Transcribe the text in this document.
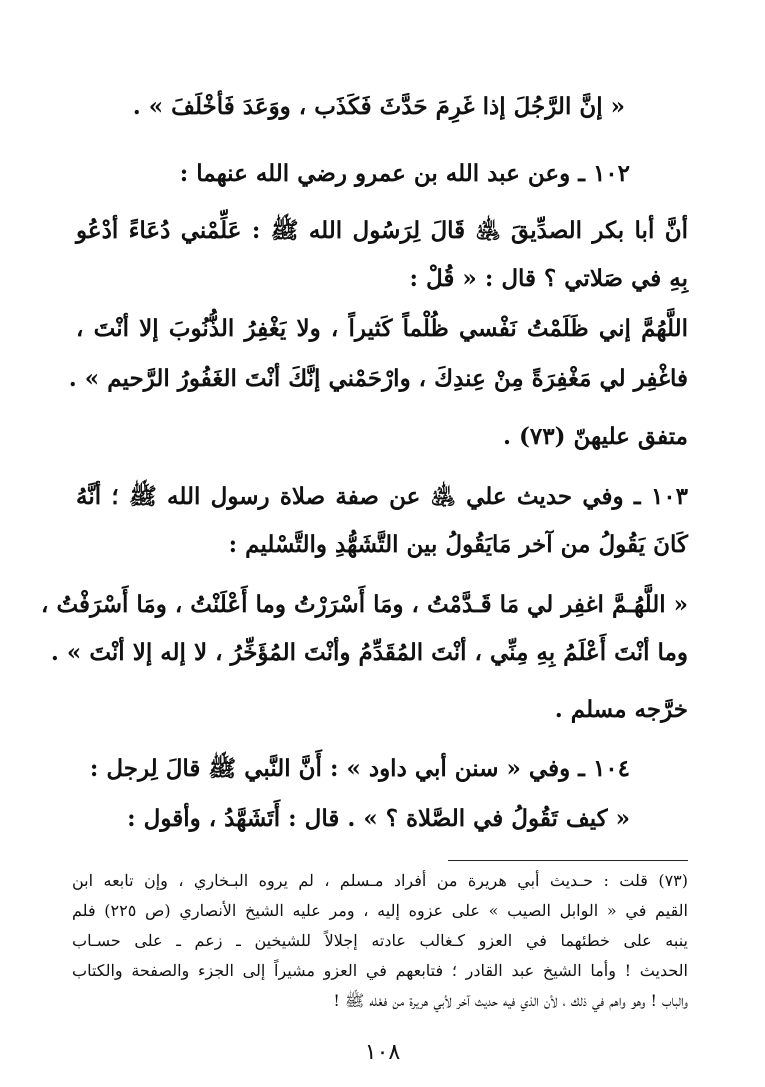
« إنَّ الرَّجُلَ إذا غَرِمَ حَدَّثَ فَكَذَب ، ووَعَدَ فَأخْلَفَ » .
١٠٢ ـ وعن عبد الله بن عمرو رضي الله عنهما :
أنَّ أبا بكر الصدِّيقَ ﵁ قَالَ لِرَسُول الله ﷺ : عَلِّمْني دُعَاءً أدْعُو
بِهِ في صَلاتي ؟ قال : « قُلْ :
اللَّهُمَّ إني ظَلَمْتُ نَفْسي ظُلْماً كَثيراً ، ولا يَغْفِرُ الذُّنُوبَ إلا أنْتَ ،
فاغْفِر لي مَغْفِرَةً مِنْ عِندِكَ ، وارْحَمْني إنَّكَ أنْتَ الغَفُورُ الرَّحيم » .
متفق عليهنّ (٧٣) .
١٠٣ ـ وفي حديث علي ﵁ عن صفة صلاة رسول الله ﷺ ؛ أنَّهُ
كَانَ يَقُولُ من آخر مَايَقُولُ بين التَّشَهُّدِ والتَّسْليم :
« اللَّهُـمَّ اغفِر لي مَا قَـدَّمْتُ ، ومَا أَسْرَرْتُ وما أَعْلَنْتُ ، ومَا أَسْرَفْتُ ،
وما أنْتَ أَعْلَمُ بِهِ مِنِّي ، أنْتَ المُقَدِّمُ وأنْتَ المُؤَخِّرُ ، لا إله إلا أنْتَ » .
خرَّجه مسلم .
١٠٤ ـ وفي « سنن أبي داود » : أَنَّ النَّبي ﷺ قالَ لِرجل :
« كيف تَقُولُ في الصَّلاة ؟ » . قال : أَتَشَهَّدُ ، وأقول :
(٧٣) قلت : حـديث أبي هريرة من أفراد مـسلم ، لم يروه البـخاري ، وإن تابعه ابن
القيم في « الوابل الصيب » على عزوه إليه ، ومر عليه الشيخ الأنصاري (ص ٢٢٥) فلم
ينبه على خطئهما في العزو كـغالب عادته إجلالاً للشيخين ـ زعم ـ على حسـاب
الحديث ! وأما الشيخ عبد القادر ؛ فتابعهم في العزو مشيراً إلى الجزء والصفحة والكتاب
والباب ! وهو واهم في ذلك ، لأن الذي فيه حديث آخر لأبي هريرة من فعْله ﷺ !
١٠٨
